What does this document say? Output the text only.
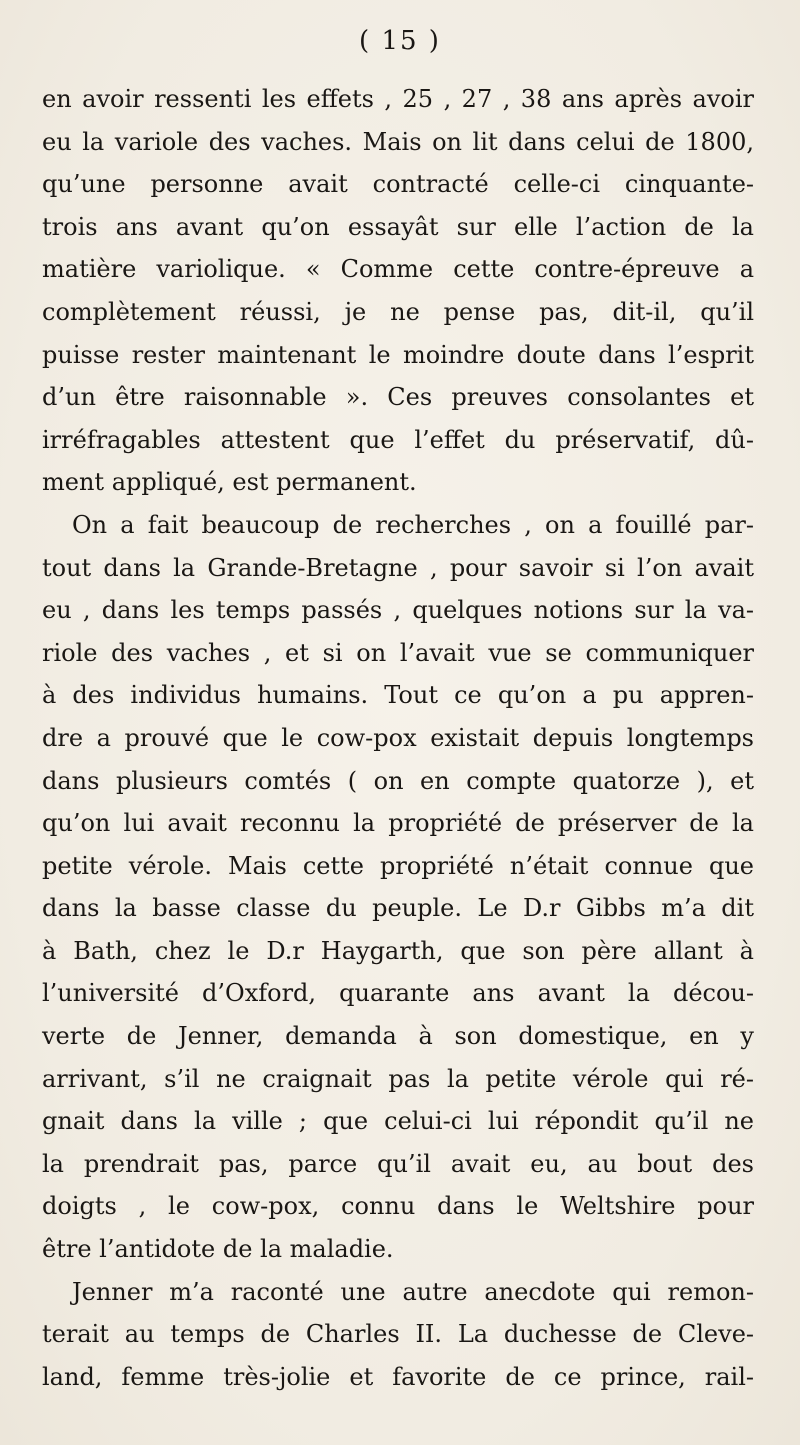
( 15 )
en avoir ressenti les effets , 25 , 27 , 38 ans après avoir
eu la variole des vaches. Mais on lit dans celui de 1800,
qu’une personne avait contracté celle-ci cinquante-
trois ans avant qu’on essayât sur elle l’action de la
matière variolique. « Comme cette contre-épreuve a
complètement réussi, je ne pense pas, dit-il, qu’il
puisse rester maintenant le moindre doute dans l’esprit
d’un être raisonnable ». Ces preuves consolantes et
irréfragables attestent que l’effet du préservatif, dû-
ment appliqué, est permanent.
On a fait beaucoup de recherches , on a fouillé par-
tout dans la Grande-Bretagne , pour savoir si l’on avait
eu , dans les temps passés , quelques notions sur la va-
riole des vaches , et si on l’avait vue se communiquer
à des individus humains. Tout ce qu’on a pu appren-
dre a prouvé que le cow-pox existait depuis longtemps
dans plusieurs comtés ( on en compte quatorze ), et
qu’on lui avait reconnu la propriété de préserver de la
petite vérole. Mais cette propriété n’était connue que
dans la basse classe du peuple. Le D.r Gibbs m’a dit
à Bath, chez le D.r Haygarth, que son père allant à
l’université d’Oxford, quarante ans avant la décou-
verte de Jenner, demanda à son domestique, en y
arrivant, s’il ne craignait pas la petite vérole qui ré-
gnait dans la ville ; que celui-ci lui répondit qu’il ne
la prendrait pas, parce qu’il avait eu, au bout des
doigts , le cow-pox, connu dans le Weltshire pour
être l’antidote de la maladie.
Jenner m’a raconté une autre anecdote qui remon-
terait au temps de Charles II. La duchesse de Cleve-
land, femme très-jolie et favorite de ce prince, rail-
